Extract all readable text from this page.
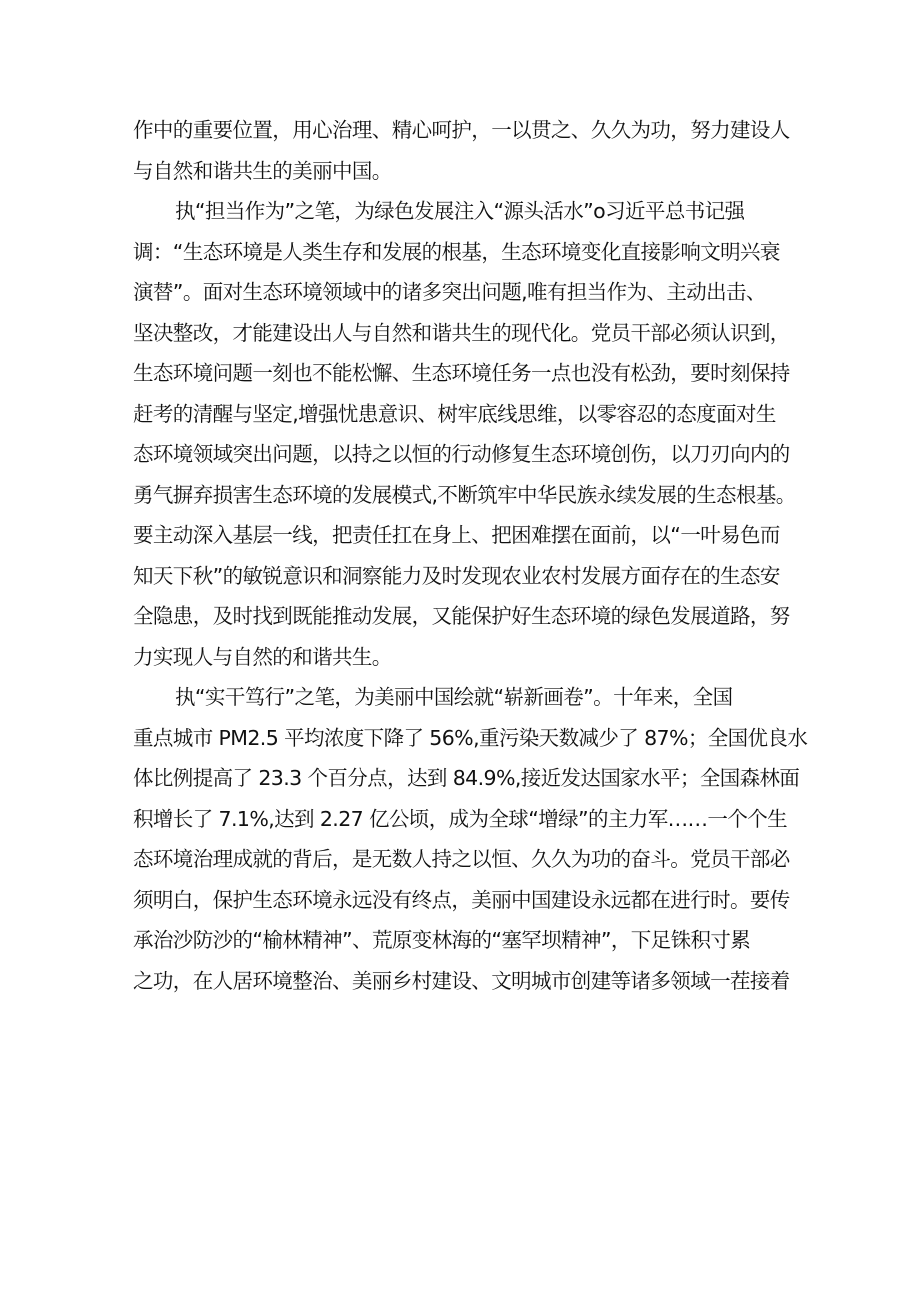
作中的重要位置，用心治理、精心呵护，一以贯之、久久为功，努力建设人
与自然和谐共生的美丽中国。
执“担当作为”之笔，为绿色发展注入“源头活水”o习近平总书记强
调：“生态环境是人类生存和发展的根基，生态环境变化直接影响文明兴衰
演替”。面对生态环境领域中的诸多突出问题,唯有担当作为、主动出击、
坚决整改，才能建设出人与自然和谐共生的现代化。党员干部必须认识到，
生态环境问题一刻也不能松懈、生态环境任务一点也没有松劲，要时刻保持
赶考的清醒与坚定,增强忧患意识、树牢底线思维，以零容忍的态度面对生
态环境领域突出问题，以持之以恒的行动修复生态环境创伤，以刀刃向内的
勇气摒弃损害生态环境的发展模式,不断筑牢中华民族永续发展的生态根基。
要主动深入基层一线，把责任扛在身上、把困难摆在面前，以“一叶易色而
知天下秋”的敏锐意识和洞察能力及时发现农业农村发展方面存在的生态安
全隐患，及时找到既能推动发展，又能保护好生态环境的绿色发展道路，努
力实现人与自然的和谐共生。
执“实干笃行”之笔，为美丽中国绘就“崭新画卷”。十年来，全国
重点城市 PM2.5 平均浓度下降了 56%,重污染天数减少了 87%；全国优良水
体比例提高了 23.3 个百分点，达到 84.9%,接近发达国家水平；全国森林面
积增长了 7.1%,达到 2.27 亿公顷，成为全球“增绿”的主力军……一个个生
态环境治理成就的背后，是无数人持之以恒、久久为功的奋斗。党员干部必
须明白，保护生态环境永远没有终点，美丽中国建设永远都在进行时。要传
承治沙防沙的“榆林精神”、荒原变林海的“塞罕坝精神”，下足铢积寸累
之功，在人居环境整治、美丽乡村建设、文明城市创建等诸多领域一茬接着
